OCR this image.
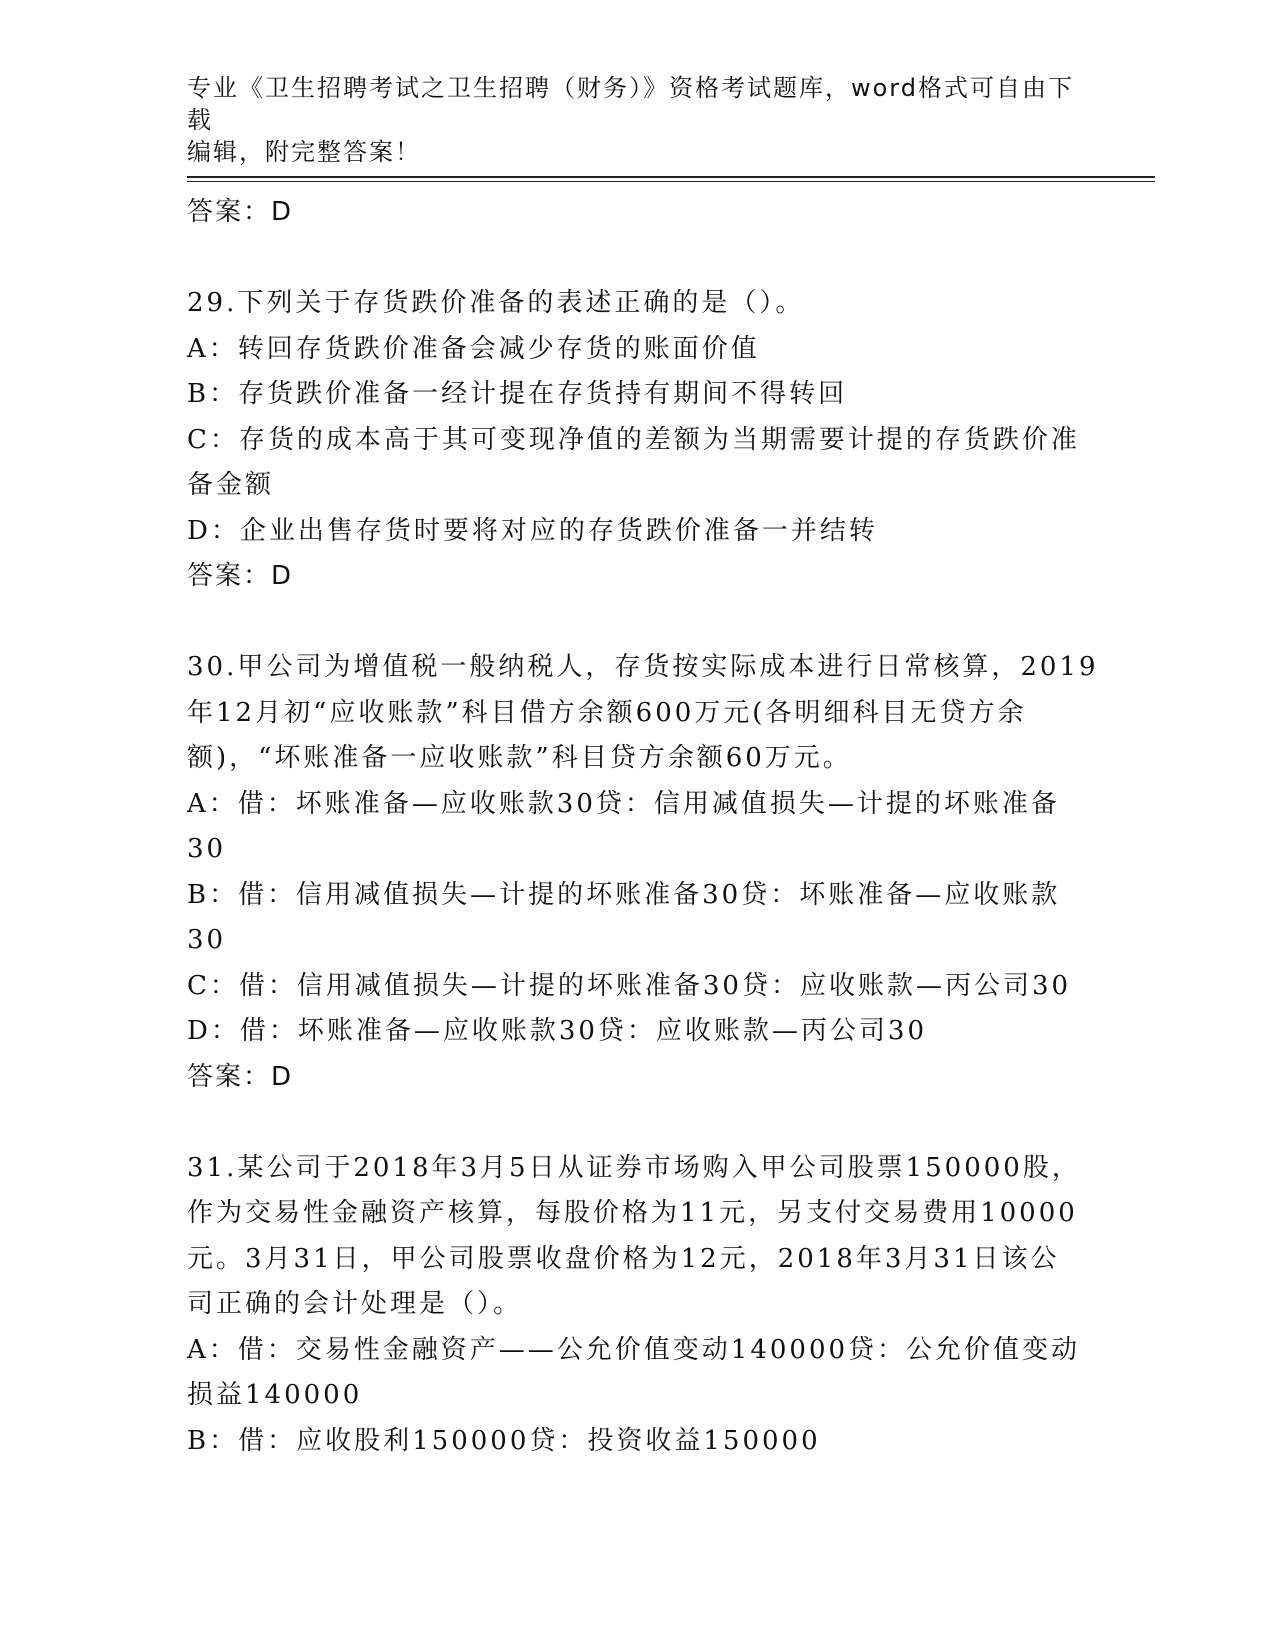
专业《卫生招聘考试之卫生招聘（财务）》资格考试题库，word格式可自由下载
编辑，附完整答案！
答案：D
29.下列关于存货跌价准备的表述正确的是（）。
A：转回存货跌价准备会减少存货的账面价值
B：存货跌价准备一经计提在存货持有期间不得转回
C：存货的成本高于其可变现净值的差额为当期需要计提的存货跌价准
备金额
D：企业出售存货时要将对应的存货跌价准备一并结转
答案：D
30.甲公司为增值税一般纳税人，存货按实际成本进行日常核算，2019
年12月初“应收账款”科目借方余额600万元(各明细科目无贷方余
额)，“坏账准备一应收账款”科目贷方余额60万元。
A：借：坏账准备—应收账款30贷：信用减值损失—计提的坏账准备
30
B：借：信用减值损失—计提的坏账准备30贷：坏账准备—应收账款
30
C：借：信用减值损失—计提的坏账准备30贷：应收账款—丙公司30
D：借：坏账准备—应收账款30贷：应收账款—丙公司30
答案：D
31.某公司于2018年3月5日从证券市场购入甲公司股票150000股，
作为交易性金融资产核算，每股价格为11元，另支付交易费用10000
元。3月31日，甲公司股票收盘价格为12元，2018年3月31日该公
司正确的会计处理是（）。
A：借：交易性金融资产——公允价值变动140000贷：公允价值变动
损益140000
B：借：应收股利150000贷：投资收益150000
